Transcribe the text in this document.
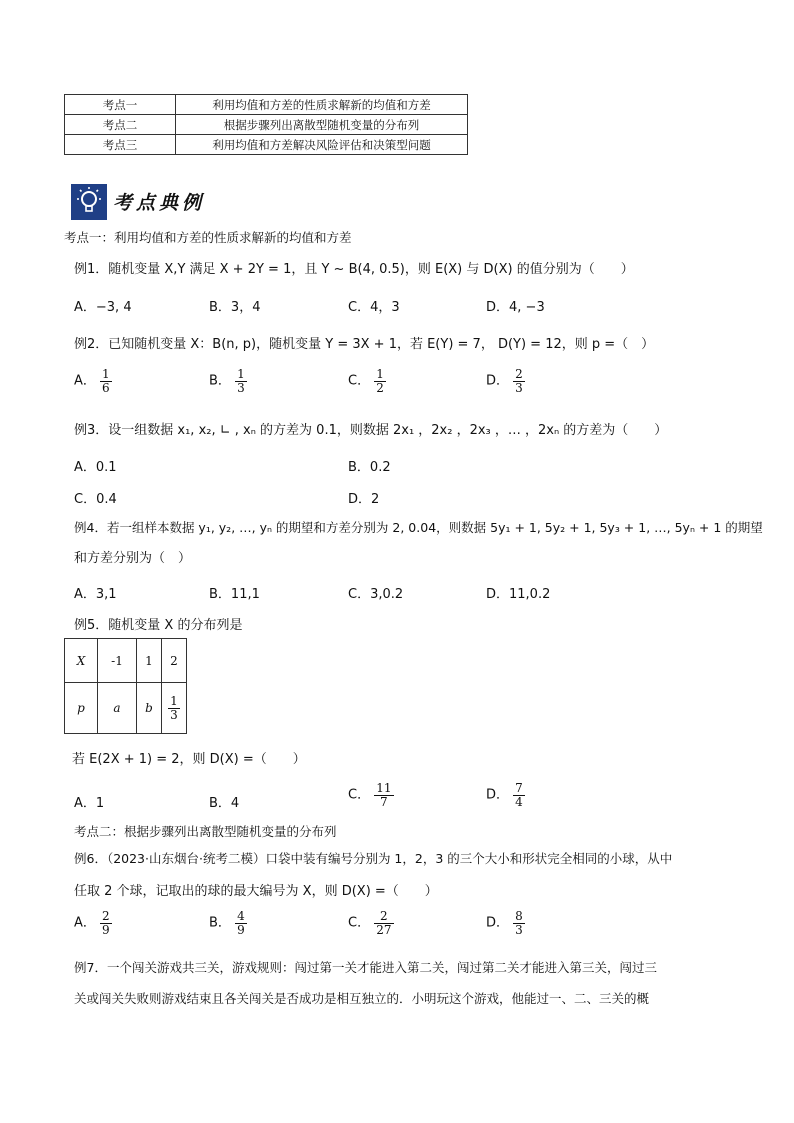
考点一	利用均值和方差的性质求解新的均值和方差
考点二	根据步骤列出离散型随机变量的分布列
考点三	利用均值和方差解决风险评估和决策型问题
考点典例
考点一：利用均值和方差的性质求解新的均值和方差
例1．随机变量 X,Y 满足 X + 2Y = 1，且 Y ~ B(4, 0.5)，则 E(X) 与 D(X) 的值分别为（　　）
A．−3, 4	B．3，4	C．4，3	D．4, −3
例2．已知随机变量 X：B(n, p)，随机变量 Y = 3X + 1，若 E(Y) = 7， D(Y) = 12，则 p =（　）
A． $\frac{1}{6}$	B． $\frac{1}{3}$	C． $\frac{1}{2}$	D． $\frac{2}{3}$
例3．设一组数据 x₁, x₂, ∟ , xₙ 的方差为 0.1，则数据 2x₁ ，2x₂ ，2x₃ ，… ，2xₙ 的方差为（　　）
A．0.1	B．0.2
C．0.4	D．2
例4．若一组样本数据 y₁, y₂, …, yₙ 的期望和方差分别为 2, 0.04，则数据 5y₁ + 1, 5y₂ + 1, 5y₃ + 1, …, 5yₙ + 1 的期望
和方差分别为（　）
A．3,1	B．11,1	C．3,0.2	D．11,0.2
例5．随机变量 X 的分布列是
X	-1	1	2
p	a	b	$\frac{1}{3}$
若 E(2X + 1) = 2，则 D(X) =（　　）
A．1	B．4
C． $\frac{11}{7}$	D． $\frac{7}{4}$
考点二：根据步骤列出离散型随机变量的分布列
例6．（2023·山东烟台·统考二模）口袋中装有编号分别为 1，2，3 的三个大小和形状完全相同的小球，从中
任取 2 个球，记取出的球的最大编号为 X，则 D(X) =（　　）
A． $\frac{2}{9}$	B． $\frac{4}{9}$	C． $\frac{2}{27}$	D． $\frac{8}{3}$
例7．一个闯关游戏共三关，游戏规则：闯过第一关才能进入第二关，闯过第二关才能进入第三关，闯过三
关或闯关失败则游戏结束且各关闯关是否成功是相互独立的．小明玩这个游戏，他能过一、二、三关的概
